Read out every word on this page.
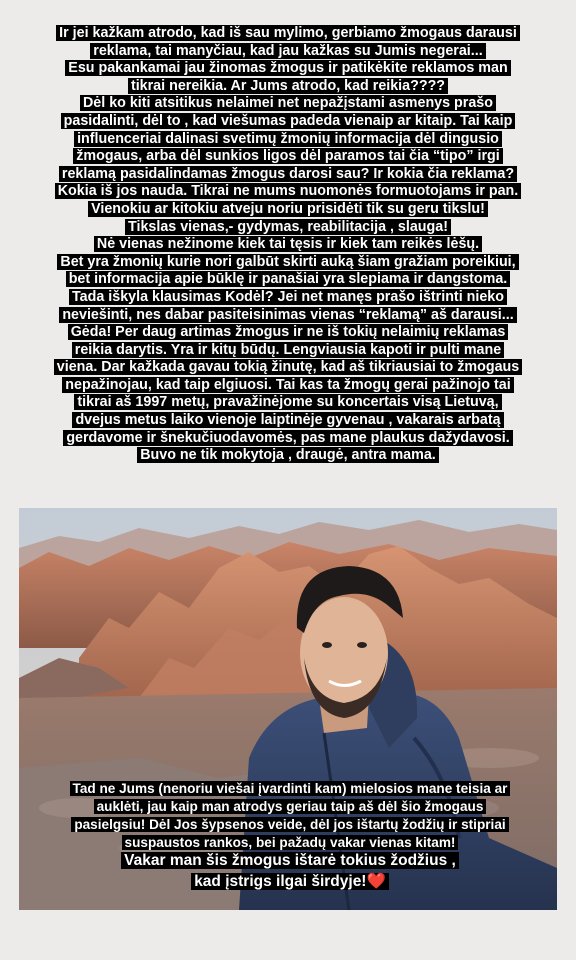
Ir jei kažkam atrodo, kad iš sau mylimo, gerbiamo žmogaus darausi
reklama, tai manyčiau, kad jau kažkas su Jumis negerai...
Esu pakankamai jau žinomas žmogus ir patikėkite reklamos man
tikrai nereikia. Ar Jums atrodo, kad reikia????
Dėl ko kiti atsitikus nelaimei net nepažįstami asmenys prašo
pasidalinti, dėl to , kad viešumas padeda vienaip ar kitaip. Tai kaip
influenceriai dalinasi svetimų žmonių informacija dėl dingusio
žmogaus, arba dėl sunkios ligos dėl paramos tai čia “tipo” irgi
reklamą pasidalindamas žmogus darosi sau? Ir kokia čia reklama?
Kokia iš jos nauda. Tikrai ne mums nuomonės formuotojams ir pan.
Vienokiu ar kitokiu atveju noriu prisidėti tik su geru tikslu!
Tikslas vienas,- gydymas, reabilitacija , slauga!
Nė vienas nežinome kiek tai tęsis ir kiek tam reikės lėšų.
Bet yra žmonių kurie nori galbūt skirti auką šiam gražiam poreikiui,
bet informacija apie būklę ir panašiai yra slepiama ir dangstoma.
Tada iškyla klausimas Kodėl? Jei net manęs prašo ištrinti nieko
neviešinti, nes dabar pasiteisinimas vienas “reklamą” aš darausi...
Gėda! Per daug artimas žmogus ir ne iš tokių nelaimių reklamas
reikia darytis. Yra ir kitų būdų. Lengviausia kapoti ir pulti mane
viena. Dar kažkada gavau tokią žinutę, kad aš tikriausiai to žmogaus
nepažinojau, kad taip elgiuosi. Tai kas ta žmogų gerai pažinojo tai
tikrai aš 1997 metų, pravažinėjome su koncertais visą Lietuvą,
dvejus metus laiko vienoje laiptinėje gyvenau , vakarais arbatą
gerdavome ir šnekučiuodavomės, pas mane plaukus dažydavosi.
Buvo ne tik mokytoja , draugė, antra mama.
Tad ne Jums (nenoriu viešai įvardinti kam) mielosios mane teisia ar auklėti, jau kaip man atrodys geriau taip aš dėl šio žmogaus pasielgsiu! Dėl Jos šypsenos veide, dėl jos ištartų žodžių ir stipriai suspaustos rankos, bei pažadų vakar vienas kitam!
Vakar man šis žmogus ištarė tokius žodžius , kad įstrigs ilgai širdyje!❤️
